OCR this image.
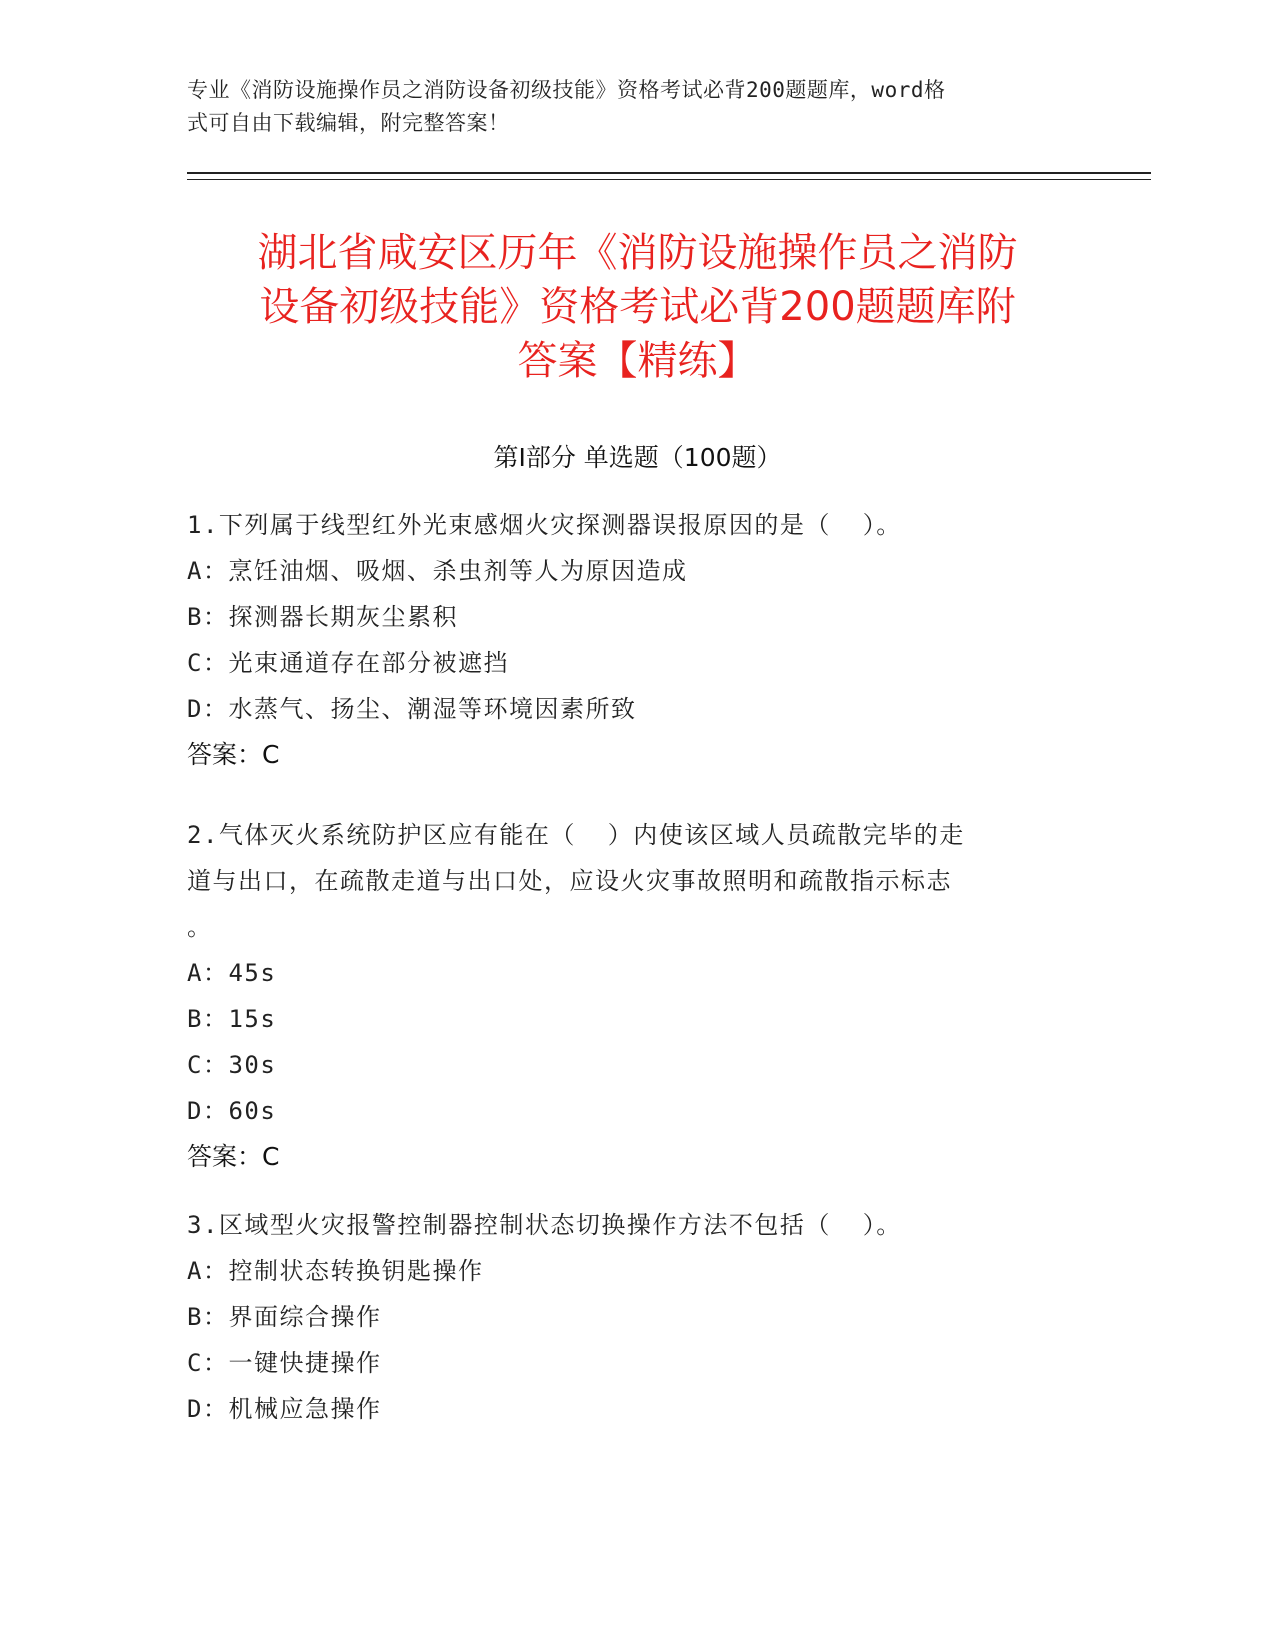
专业《消防设施操作员之消防设备初级技能》资格考试必背200题题库，word格
式可自由下载编辑，附完整答案！
湖北省咸安区历年《消防设施操作员之消防
设备初级技能》资格考试必背200题题库附
答案【精练】
第Ⅰ部分 单选题（100题）
1.下列属于线型红外光束感烟火灾探测器误报原因的是（  ）。
A：烹饪油烟、吸烟、杀虫剂等人为原因造成
B：探测器长期灰尘累积
C：光束通道存在部分被遮挡
D：水蒸气、扬尘、潮湿等环境因素所致
答案：C
2.气体灭火系统防护区应有能在（  ）内使该区域人员疏散完毕的走
道与出口，在疏散走道与出口处，应设火灾事故照明和疏散指示标志
。
A：45s
B：15s
C：30s
D：60s
答案：C
3.区域型火灾报警控制器控制状态切换操作方法不包括（  ）。
A：控制状态转换钥匙操作
B：界面综合操作
C：一键快捷操作
D：机械应急操作
